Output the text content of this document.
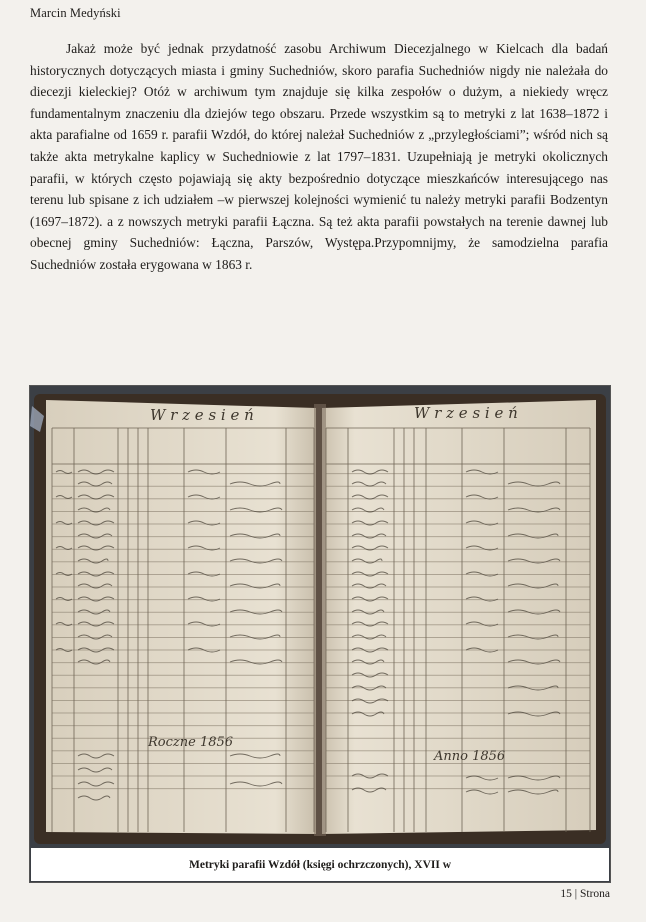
Marcin Medyński

Jakaż może być jednak przydatność zasobu Archiwum Diecezjalnego w Kielcach dla badań historycznych dotyczących miasta i gminy Suchedniów, skoro parafia Suchedniów nigdy nie należała do diecezji kieleckiej? Otóż w archiwum tym znajduje się kilka zespołów o dużym, a niekiedy wręcz fundamentalnym znaczeniu dla dziejów tego obszaru. Przede wszystkim są to metryki z lat 1638–1872 i akta parafialne od 1659 r. parafii Wzdół, do której należał Suchedniów z „przyległościami”; wśród nich są także akta metrykalne kaplicy w Suchedniowie z lat 1797–1831. Uzupełniają je metryki okolicznych parafii, w których często pojawiają się akty bezpośrednio dotyczące mieszkańców interesującego nas terenu lub spisane z ich udziałem –w pierwszej kolejności wymienić tu należy metryki parafii Bodzentyn (1697–1872). a z nowszych metryki parafii Łączna. Są też akta parafii powstałych na terenie dawnej lub obecnej gminy Suchedniów: Łączna, Parszów, Występa.Przypomnijmy, że samodzielna parafia Suchedniów została erygowana w 1863 r.

W r z e s i e ń	W r z e s i e ń
Roczne 1856
Anno 1856
Metryki parafii Wzdół (księgi ochrzczonych), XVII w
15 | Strona
